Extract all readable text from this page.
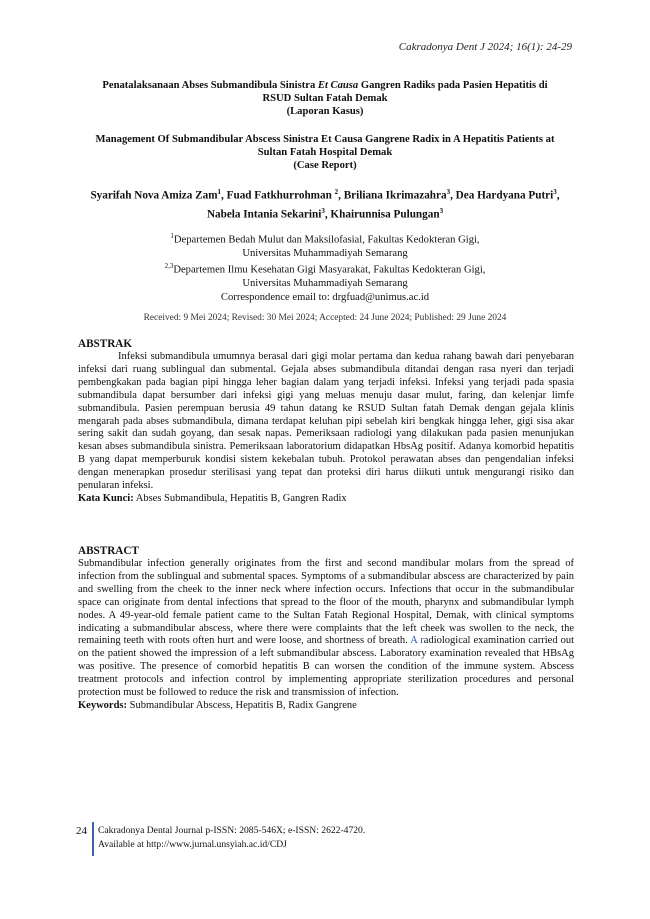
Cakradonya Dent J 2024; 16(1): 24-29
Penatalaksanaan Abses Submandibula Sinistra Et Causa Gangren Radiks pada Pasien Hepatitis di RSUD Sultan Fatah Demak
(Laporan Kasus)
Management Of Submandibular Abscess Sinistra Et Causa Gangrene Radix in A Hepatitis Patients at Sultan Fatah Hospital Demak
(Case Report)
Syarifah Nova Amiza Zam$^1$, Fuad Fatkhurrohman $^2$, Briliana Ikrimazahra$^3$, Dea Hardyana Putri$^3$, Nabela Intania Sekarini$^3$, Khairunnisa Pulungan$^3$
$^1$Departemen Bedah Mulut dan Maksilofasial, Fakultas Kedokteran Gigi,
Universitas Muhammadiyah Semarang
$^{2,3}$Departemen Ilmu Kesehatan Gigi Masyarakat, Fakultas Kedokteran Gigi,
Universitas Muhammadiyah Semarang
Correspondence email to: drgfuad@unimus.ac.id
Received: 9 Mei 2024; Revised: 30 Mei 2024; Accepted: 24 June 2024; Published: 29 June 2024
ABSTRAK

Infeksi submandibula umumnya berasal dari gigi molar pertama dan kedua rahang bawah dari penyebaran infeksi dari ruang sublingual dan submental. Gejala abses submandibula ditandai dengan rasa nyeri dan terjadi pembengkakan pada bagian pipi hingga leher bagian dalam yang terjadi infeksi. Infeksi yang terjadi pada spasia submandibula dapat bersumber dari infeksi gigi yang meluas menuju dasar mulut, faring, dan kelenjar limfe submandibula. Pasien perempuan berusia 49 tahun datang ke RSUD Sultan fatah Demak dengan gejala klinis mengarah pada abses submandibula, dimana terdapat keluhan pipi sebelah kiri bengkak hingga leher, gigi sisa akar sering sakit dan sudah goyang, dan sesak napas. Pemeriksaan radiologi yang dilakukan pada pasien menunjukan kesan abses submandibula sinistra. Pemeriksaan laboratorium didapatkan HbsAg positif. Adanya komorbid hepatitis B yang dapat memperburuk kondisi sistem kekebalan tubuh. Protokol perawatan abses dan pengendalian infeksi dengan menerapkan prosedur sterilisasi yang tepat dan proteksi diri harus diikuti untuk mengurangi risiko dan penularan infeksi.

Kata Kunci: Abses Submandibula, Hepatitis B, Gangren Radix

ABSTRACT

Submandibular infection generally originates from the first and second mandibular molars from the spread of infection from the sublingual and submental spaces. Symptoms of a submandibular abscess are characterized by pain and swelling from the cheek to the inner neck where infection occurs. Infections that occur in the submandibular space can originate from dental infections that spread to the floor of the mouth, pharynx and submandibular lymph nodes. A 49-year-old female patient came to the Sultan Fatah Regional Hospital, Demak, with clinical symptoms indicating a submandibular abscess, where there were complaints that the left cheek was swollen to the neck, the remaining teeth with roots often hurt and were loose, and shortness of breath. A radiological examination carried out on the patient showed the impression of a left submandibular abscess. Laboratory examination revealed that HBsAg was positive. The presence of comorbid hepatitis B can worsen the condition of the immune system. Abscess treatment protocols and infection control by implementing appropriate sterilization procedures and personal protection must be followed to reduce the risk and transmission of infection.

Keywords: Submandibular Abscess, Hepatitis B, Radix Gangrene

24 Cakradonya Dental Journal p-ISSN: 2085-546X; e-ISSN: 2622-4720.
Available at http://www.jurnal.unsyiah.ac.id/CDJ
